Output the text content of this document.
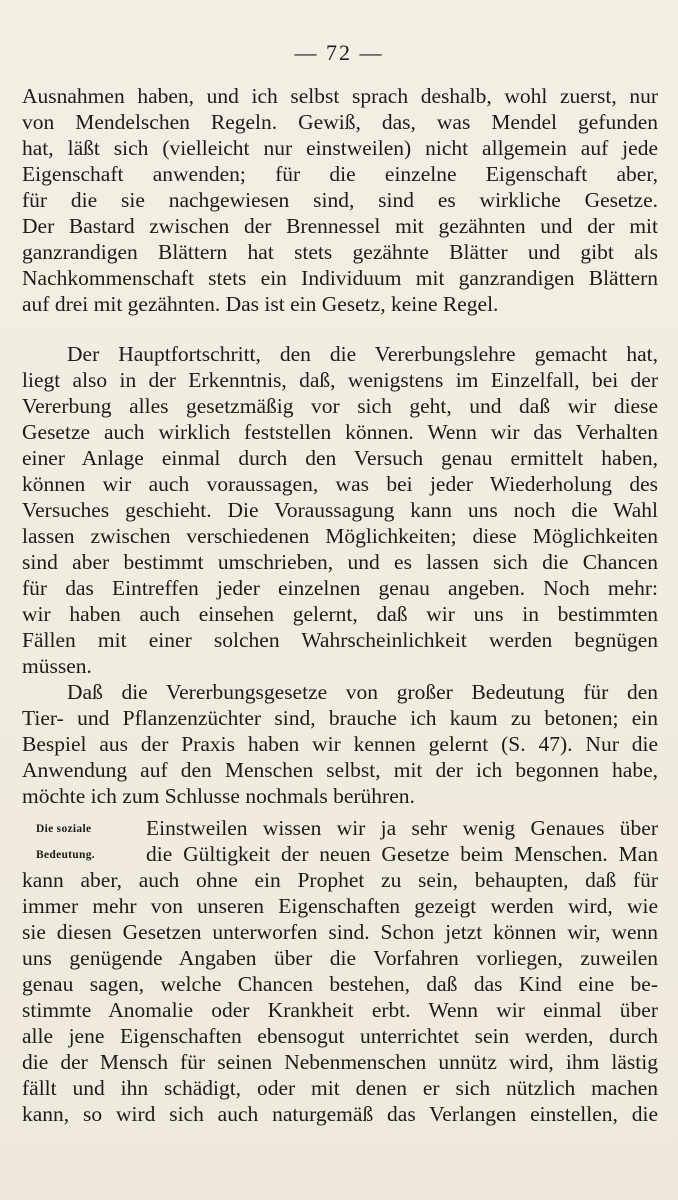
— 72 —
Ausnahmen haben, und ich selbst sprach deshalb, wohl zuerst, nur
von Mendelschen Regeln. Gewiß, das, was Mendel gefunden
hat, läßt sich (vielleicht nur einstweilen) nicht allgemein auf jede
Eigenschaft anwenden; für die einzelne Eigenschaft aber,
für die sie nachgewiesen sind, sind es wirkliche Gesetze.
Der Bastard zwischen der Brennessel mit gezähnten und der mit
ganzrandigen Blättern hat stets gezähnte Blätter und gibt als
Nachkommenschaft stets ein Individuum mit ganzrandigen Blättern
auf drei mit gezähnten. Das ist ein Gesetz, keine Regel.
Der Hauptfortschritt, den die Vererbungslehre gemacht hat,
liegt also in der Erkenntnis, daß, wenigstens im Einzelfall, bei der
Vererbung alles gesetzmäßig vor sich geht, und daß wir diese
Gesetze auch wirklich feststellen können. Wenn wir das Verhalten
einer Anlage einmal durch den Versuch genau ermittelt haben,
können wir auch voraussagen, was bei jeder Wiederholung des
Versuches geschieht. Die Voraussagung kann uns noch die Wahl
lassen zwischen verschiedenen Möglichkeiten; diese Möglichkeiten
sind aber bestimmt umschrieben, und es lassen sich die Chancen
für das Eintreffen jeder einzelnen genau angeben. Noch mehr:
wir haben auch einsehen gelernt, daß wir uns in bestimmten
Fällen mit einer solchen Wahrscheinlichkeit werden begnügen
müssen.
Daß die Vererbungsgesetze von großer Bedeutung für den
Tier- und Pflanzenzüchter sind, brauche ich kaum zu betonen; ein
Bespiel aus der Praxis haben wir kennen gelernt (S. 47). Nur die
Anwendung auf den Menschen selbst, mit der ich begonnen habe,
möchte ich zum Schlusse nochmals berühren.
Die soziale
Bedeutung.
Einstweilen wissen wir ja sehr wenig Genaues über
die Gültigkeit der neuen Gesetze beim Menschen. Man
kann aber, auch ohne ein Prophet zu sein, behaupten, daß für
immer mehr von unseren Eigenschaften gezeigt werden wird, wie
sie diesen Gesetzen unterworfen sind. Schon jetzt können wir, wenn
uns genügende Angaben über die Vorfahren vorliegen, zuweilen
genau sagen, welche Chancen bestehen, daß das Kind eine be-
stimmte Anomalie oder Krankheit erbt. Wenn wir einmal über
alle jene Eigenschaften ebensogut unterrichtet sein werden, durch
die der Mensch für seinen Nebenmenschen unnütz wird, ihm lästig
fällt und ihn schädigt, oder mit denen er sich nützlich machen
kann, so wird sich auch naturgemäß das Verlangen einstellen, die
